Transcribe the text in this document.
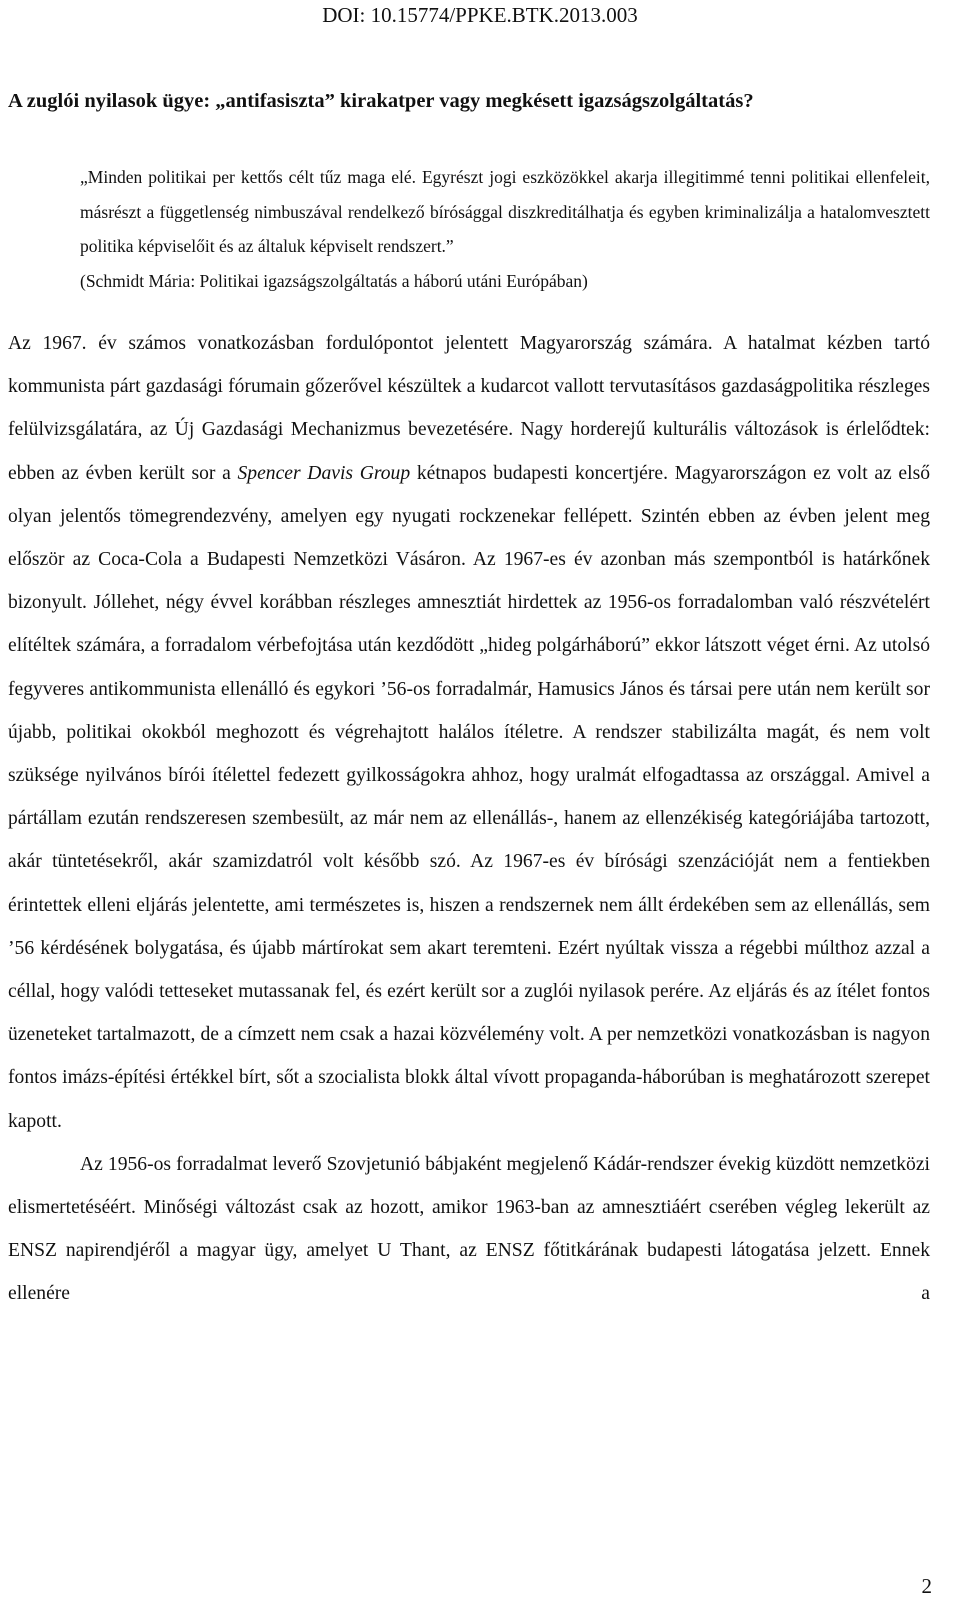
DOI: 10.15774/PPKE.BTK.2013.003
A zuglói nyilasok ügye: „antifasiszta” kirakatper vagy megkésett igazságszolgáltatás?
„Minden politikai per kettős célt tűz maga elé. Egyrészt jogi eszközökkel akarja illegitimmé tenni politikai ellenfeleit, másrészt a függetlenség nimbuszával rendelkező bírósággal diszkreditálhatja és egyben kriminalizálja a hatalomvesztett politika képviselőit és az általuk képviselt rendszert.”
(Schmidt Mária: Politikai igazságszolgáltatás a háború utáni Európában)

Az 1967. év számos vonatkozásban fordulópontot jelentett Magyarország számára. A hatalmat kézben tartó kommunista párt gazdasági fórumain gőzerővel készültek a kudarcot vallott tervutasításos gazdaságpolitika részleges felülvizsgálatára, az Új Gazdasági Mechanizmus bevezetésére. Nagy horderejű kulturális változások is érlelődtek: ebben az évben került sor a Spencer Davis Group kétnapos budapesti koncertjére. Magyarországon ez volt az első olyan jelentős tömegrendezvény, amelyen egy nyugati rockzenekar fellépett. Szintén ebben az évben jelent meg először az Coca-Cola a Budapesti Nemzetközi Vásáron. Az 1967-es év azonban más szempontból is határkőnek bizonyult. Jóllehet, négy évvel korábban részleges amnesztiát hirdettek az 1956-os forradalomban való részvételért elítéltek számára, a forradalom vérbefojtása után kezdődött „hideg polgárháború” ekkor látszott véget érni. Az utolsó fegyveres antikommunista ellenálló és egykori ’56-os forradalmár, Hamusics János és társai pere után nem került sor újabb, politikai okokból meghozott és végrehajtott halálos ítéletre. A rendszer stabilizálta magát, és nem volt szüksége nyilvános bírói ítélettel fedezett gyilkosságokra ahhoz, hogy uralmát elfogadtassa az országgal. Amivel a pártállam ezután rendszeresen szembesült, az már nem az ellenállás-, hanem az ellenzékiség kategóriájába tartozott, akár tüntetésekről, akár szamizdatról volt később szó. Az 1967-es év bírósági szenzációját nem a fentiekben érintettek elleni eljárás jelentette, ami természetes is, hiszen a rendszernek nem állt érdekében sem az ellenállás, sem ’56 kérdésének bolygatása, és újabb mártírokat sem akart teremteni. Ezért nyúltak vissza a régebbi múlthoz azzal a céllal, hogy valódi tetteseket mutassanak fel, és ezért került sor a zuglói nyilasok perére. Az eljárás és az ítélet fontos üzeneteket tartalmazott, de a címzett nem csak a hazai közvélemény volt. A per nemzetközi vonatkozásban is nagyon fontos imázs-építési értékkel bírt, sőt a szocialista blokk által vívott propaganda-háborúban is meghatározott szerepet kapott.

Az 1956-os forradalmat leverő Szovjetunió bábjaként megjelenő Kádár-rendszer évekig küzdött nemzetközi elismertetéséért. Minőségi változást csak az hozott, amikor 1963-ban az amnesztiáért cserében végleg lekerült az ENSZ napirendjéről a magyar ügy, amelyet U Thant, az ENSZ főtitkárának budapesti látogatása jelzett. Ennek ellenére a

2
